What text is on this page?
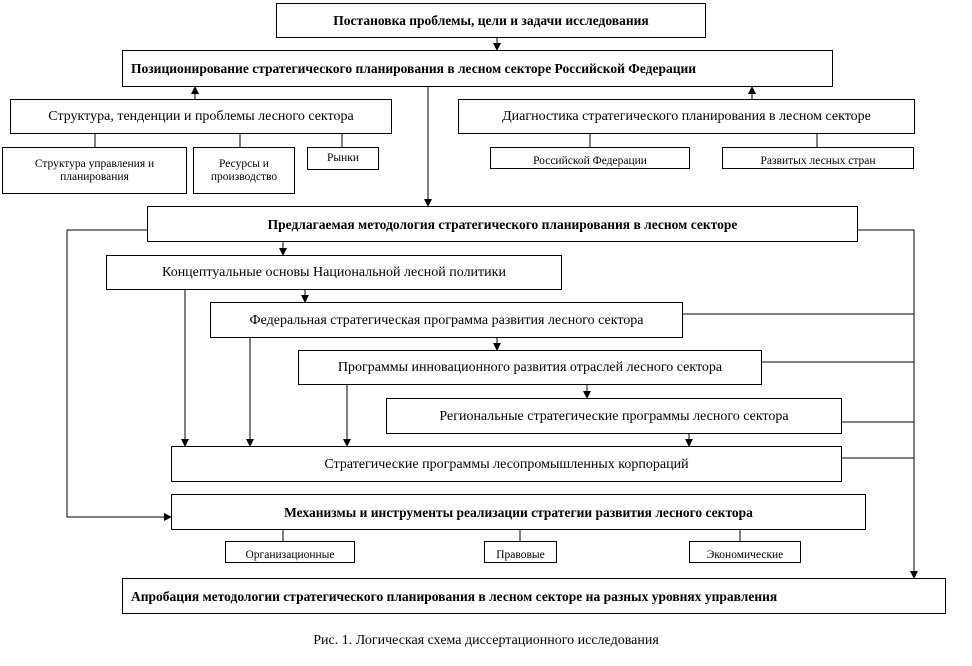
Постановка проблемы, цели и задачи исследования
Позиционирование стратегического планирования в лесном секторе Российской Федерации
Структура, тенденции и проблемы лесного сектора
Структура управления и планирования
Ресурсы и производство
Рынки
Диагностика стратегического планирования в лесном секторе
Российской Федерации	Развитых лесных стран
Предлагаемая методология стратегического планирования в лесном секторе
Концептуальные основы Национальной лесной политики
Федеральная стратегическая программа развития лесного сектора
Программы инновационного развития отраслей лесного сектора
Региональные стратегические программы лесного сектора
Стратегические программы лесопромышленных корпораций
Механизмы и инструменты реализации стратегии развития лесного сектора
Организационные	Правовые	Экономические
Апробация методологии стратегического планирования в лесном секторе на разных уровнях управления
Рис. 1. Логическая схема диссертационного исследования
